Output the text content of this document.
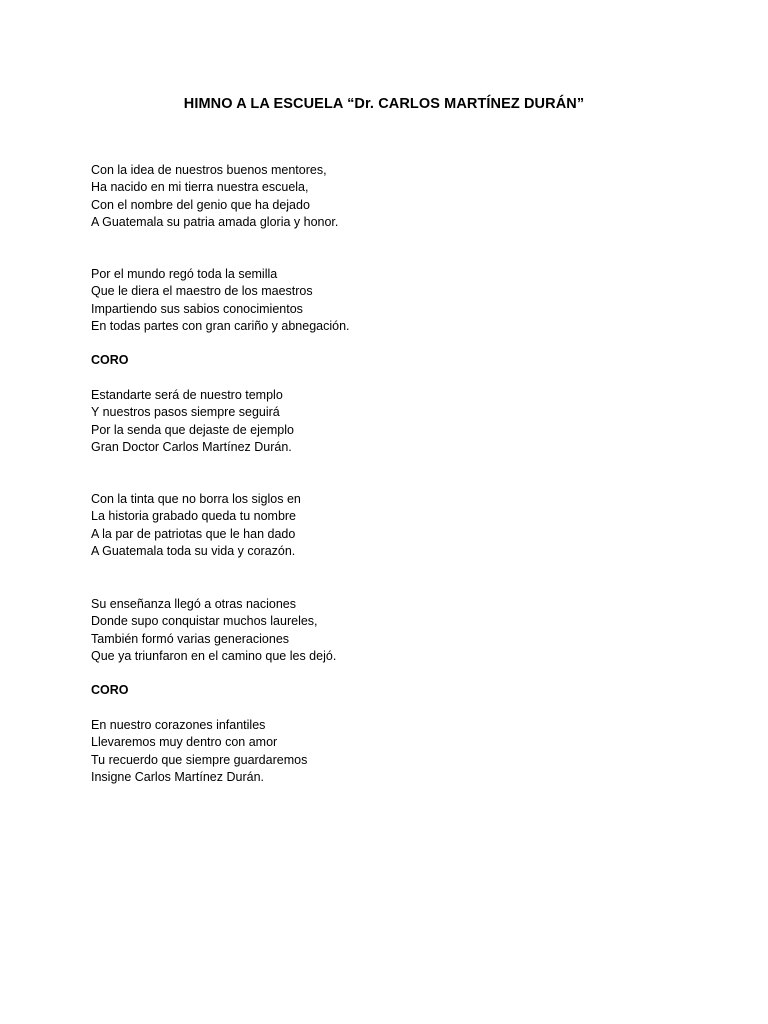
HIMNO A LA ESCUELA “Dr. CARLOS MARTÍNEZ DURÁN”
Con la idea de nuestros buenos mentores,
Ha nacido en mi tierra nuestra escuela,
Con el nombre del genio que ha dejado
A Guatemala su patria amada gloria y honor.
Por el mundo regó toda la semilla
Que le diera el maestro de los maestros
Impartiendo sus sabios conocimientos
En todas partes con gran cariño y abnegación.
CORO
Estandarte será de nuestro templo
Y nuestros pasos siempre seguirá
Por la senda que dejaste de ejemplo
Gran Doctor Carlos Martínez Durán.
Con la tinta que no borra los siglos en
La historia grabado queda tu nombre
A la par de patriotas que le han dado
A Guatemala toda su vida y corazón.
Su enseñanza llegó a otras naciones
Donde supo conquistar muchos laureles,
También formó varias generaciones
Que ya triunfaron en el camino que les dejó.
CORO
En nuestro corazones infantiles
Llevaremos muy dentro con amor
Tu recuerdo que siempre guardaremos
Insigne Carlos Martínez Durán.
